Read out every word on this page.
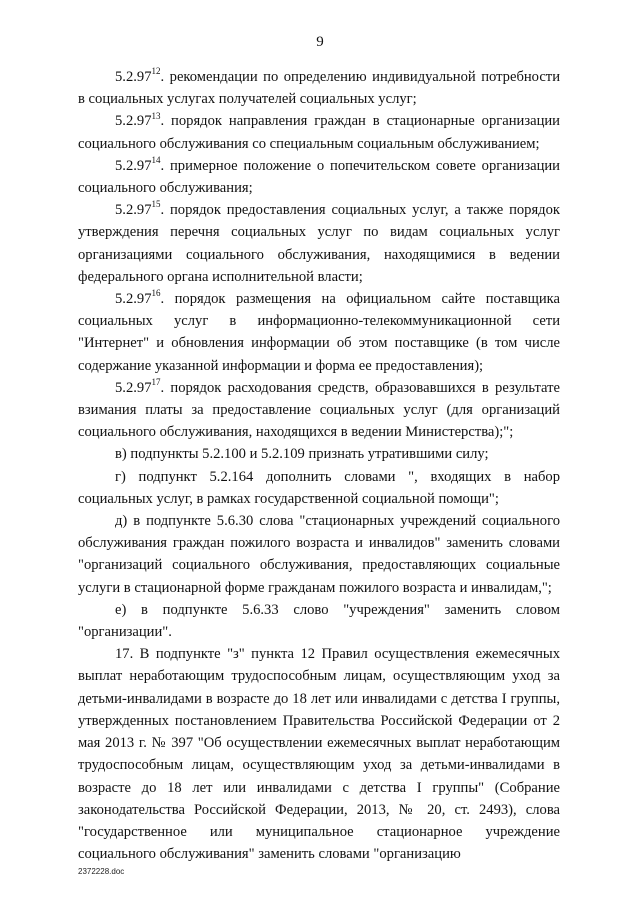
9

5.2.97$^{12}$. рекомендации по определению индивидуальной потребности в социальных услугах получателей социальных услуг;

5.2.97$^{13}$. порядок направления граждан в стационарные организации социального обслуживания со специальным социальным обслуживанием;

5.2.97$^{14}$. примерное положение о попечительском совете организации социального обслуживания;

5.2.97$^{15}$. порядок предоставления социальных услуг, а также порядок утверждения перечня социальных услуг по видам социальных услуг организациями социального обслуживания, находящимися в ведении федерального органа исполнительной власти;

5.2.97$^{16}$. порядок размещения на официальном сайте поставщика социальных услуг в информационно-телекоммуникационной сети "Интернет" и обновления информации об этом поставщике (в том числе содержание указанной информации и форма ее предоставления);

5.2.97$^{17}$. порядок расходования средств, образовавшихся в результате взимания платы за предоставление социальных услуг (для организаций социального обслуживания, находящихся в ведении Министерства);";

в) подпункты 5.2.100 и 5.2.109 признать утратившими силу;

г) подпункт 5.2.164 дополнить словами ", входящих в набор социальных услуг, в рамках государственной социальной помощи";

д) в подпункте 5.6.30 слова "стационарных учреждений социального обслуживания граждан пожилого возраста и инвалидов" заменить словами "организаций социального обслуживания, предоставляющих социальные услуги в стационарной форме гражданам пожилого возраста и инвалидам,";

е) в подпункте 5.6.33 слово "учреждения" заменить словом "организации".

17. В подпункте "з" пункта 12 Правил осуществления ежемесячных выплат неработающим трудоспособным лицам, осуществляющим уход за детьми-инвалидами в возрасте до 18 лет или инвалидами с детства I группы, утвержденных постановлением Правительства Российской Федерации от 2 мая 2013 г. № 397 "Об осуществлении ежемесячных выплат неработающим трудоспособным лицам, осуществляющим уход за детьми-инвалидами в возрасте до 18 лет или инвалидами с детства I группы" (Собрание законодательства Российской Федерации, 2013, № 20, ст. 2493), слова "государственное или муниципальное стационарное учреждение социального обслуживания" заменить словами "организацию

2372228.doc
